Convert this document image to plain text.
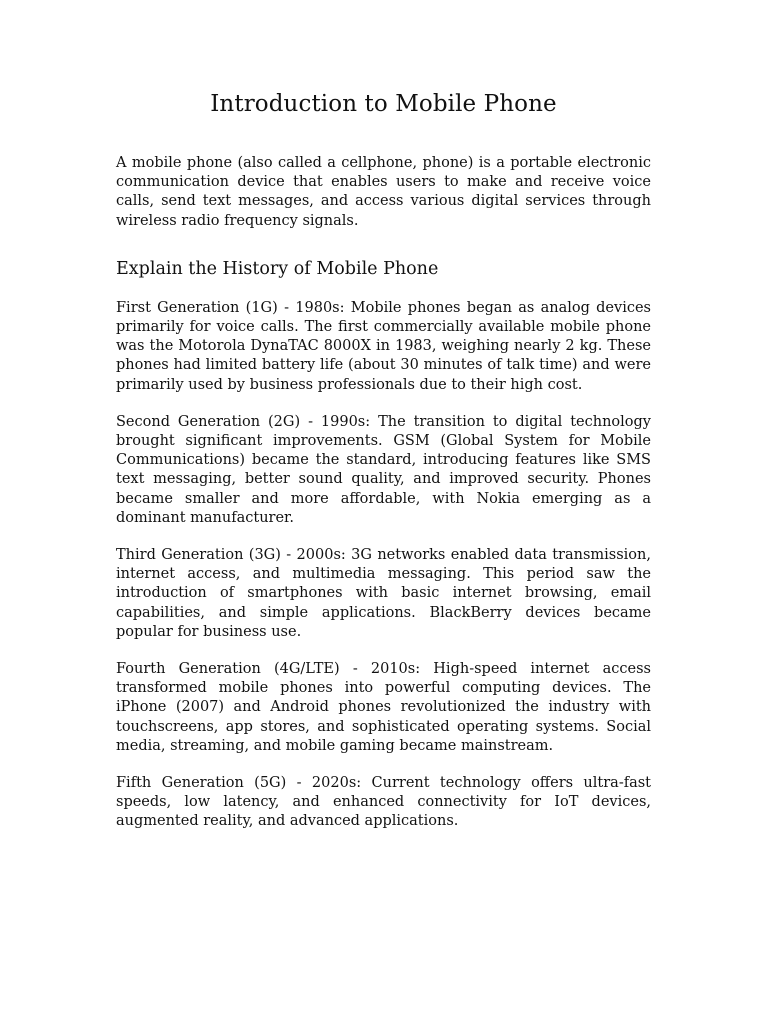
Introduction to Mobile Phone

A mobile phone (also called a cellphone, phone) is a portable electronic communication device that enables users to make and receive voice calls, send text messages, and access various digital services through wireless radio frequency signals.

Explain the History of Mobile Phone

First Generation (1G) - 1980s: Mobile phones began as analog devices primarily for voice calls. The first commercially available mobile phone was the Motorola DynaTAC 8000X in 1983, weighing nearly 2 kg. These phones had limited battery life (about 30 minutes of talk time) and were primarily used by business professionals due to their high cost.

Second Generation (2G) - 1990s: The transition to digital technology brought significant improvements. GSM (Global System for Mobile Communications) became the standard, introducing features like SMS text messaging, better sound quality, and improved security. Phones became smaller and more affordable, with Nokia emerging as a dominant manufacturer.

Third Generation (3G) - 2000s: 3G networks enabled data transmission, internet access, and multimedia messaging. This period saw the introduction of smartphones with basic internet browsing, email capabilities, and simple applications. BlackBerry devices became popular for business use.

Fourth Generation (4G/LTE) - 2010s: High-speed internet access transformed mobile phones into powerful computing devices. The iPhone (2007) and Android phones revolutionized the industry with touchscreens, app stores, and sophisticated operating systems. Social media, streaming, and mobile gaming became mainstream.

Fifth Generation (5G) - 2020s: Current technology offers ultra-fast speeds, low latency, and enhanced connectivity for IoT devices, augmented reality, and advanced applications.
